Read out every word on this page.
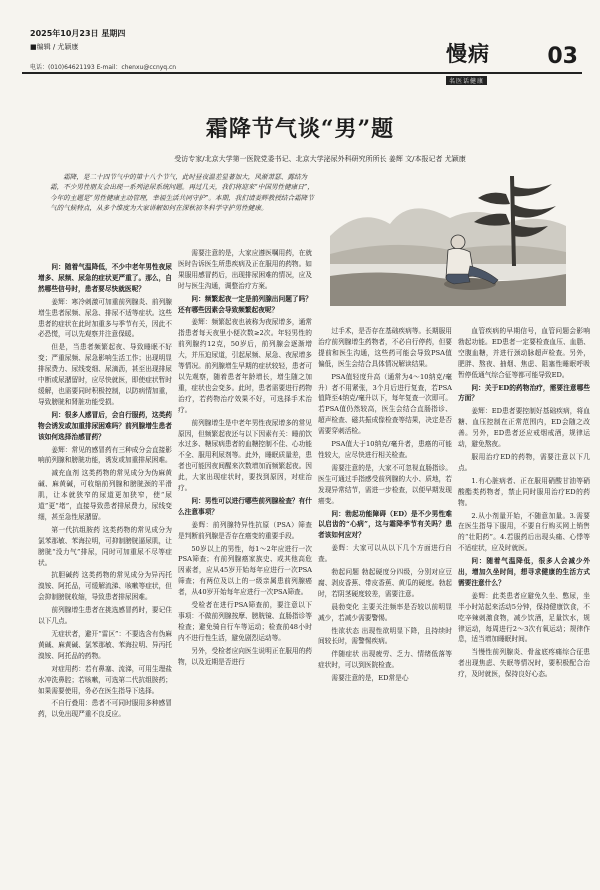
2025年10月23日 星期四
■编辑 / 尤颖康
电话：(010)64621193 E-mail：chenxu@ccnyq.cn
慢病
名医话健康
03
霜降节气谈“男”题
受访专家/北京大学第一医院党委书记、北京大学泌尿外科研究所所长 姜辉 文/本报记者 尤颖康
霜降，是二十四节气中的第十八个节气，此时昼夜温差显著加大，风渐萧瑟、露结为霜，不少男性朋友会出现一系列泌尿系统问题。再过几天，我们将迎来“中国男性健康日”，今年的主题是“男性健康主动管理，幸福生活共同守护”。本期，我们请姜辉教授结合霜降节气的气候特点，从多个维度为大家讲解如何在深秋初冬科学守护男性健康。

问：随着气温降低，不少中老年男性夜尿增多、尿频、尿急的症状更严重了。那么，自然哪些信号时，患者要尽快就医呢？

姜辉：寒冷刺激可加重前列腺炎、前列腺增生患者尿频、尿急、排尿不适等症状。这些患者的症状在此时加重多与季节有关，因此不必恐慌，可以先观察并注意保暖。

但是，当患者频繁起夜、导致睡眠不好变；严重尿频、尿急影响生活工作；出现明显排尿费力、尿线变细、尿滴沥，甚至出现排尿中断或尿潴留时，应尽快就医，即使症状暂时缓解，也需要同时积极控制，以防病情加重，导致膀胱和肾脏功能受损。

问：很多人感冒后，会自行服药，这类药物会诱发或加重排尿困难吗？前列腺增生患者该如何选择治感冒药？

姜辉：常见的感冒药有三种成分会直接影响前列腺和膀胱功能，诱发或加重排尿困难。

减充血剂 这类药物的常见成分为伪麻黄碱、麻黄碱，可收缩前列腺和膀胱颈的平滑肌，让本就狭窄的尿道更加狭窄，使“尿道”更“堵”，直接导致患者排尿费力，尿线变细，甚至急性尿潴留。

第一代抗组胺药 这类药物的常见成分为氯苯那敏、苯海拉明，可抑制膀胱逼尿肌，让膀胱“没力气”排尿，同时可加重尿不尽等症状。

抗胆碱药 这类药物的常见成分为异丙托溴铵、阿托品，可缓解流涕、咳嗽等症状，但会抑制膀胱收缩，导致患者排尿困难。

前列腺增生患者在挑选感冒药时，要记住以下几点。

无症状者，避开“雷区”：不要选含有伪麻黄碱、麻黄碱、氯苯那敏、苯海拉明、异丙托溴铵、阿托品的药物。

对症用药：若有鼻塞、流涕，可用生理盐水冲洗鼻腔；若咳嗽，可选第二代抗组胺药；如果需要使用，务必在医生指导下选择。

不自行叠用：患者不可同时服用多种感冒药，以免出现严重不良反应。

需要注意的是，大家应遵医嘱用药，在就医时告诉医生所患疾病及正在服用的药物。如果服用感冒药后，出现排尿困难的情况，应及时与医生沟通，调整治疗方案。

问：频繁起夜一定是前列腺出问题了吗？还有哪些因素会导致频繁起夜呢？

姜辉：频繁起夜也被称为夜尿增多，通常指患者每天夜里小便次数≥2次。年轻男性的前列腺约12克，50岁后，前列腺会逐渐增大，并压迫尿道，引起尿频、尿急、夜尿增多等情况。前列腺增生早期的症状较轻，患者可以先观察，随着患者年龄增长，增生随之加重，症状也会变多。此时，患者需要进行药物治疗，若药物治疗效果不好，可选择手术治疗。

前列腺增生是中老年男性夜尿增多的常见原因，但频繁起夜还与以下因素有关：睡前饮水过多、糖尿病患者的血糖控制不佳、心功能不全、服用利尿剂等。此外，睡眠质量差，患者也可能因夜间醒来次数增加而频繁起夜。因此，大家出现症状时，要找到原因，对症治疗。

问：男性可以进行哪些前列腺检查？有什么注意事项？

姜辉：前列腺特异性抗原（PSA）筛查是判断前列腺是否存在癌变的重要手段。

50岁以上的男性，每1～2年应进行一次PSA筛查；有前列腺癌家族史、或其他高危因素者，应从45岁开始每年应进行一次PSA筛查；有两位及以上的一级亲属患前列腺癌者，从40岁开始每年应进行一次PSA筛查。

受检者在进行PSA筛查前，要注意以下事项：不做前列腺按摩、膀胱镜、直肠指诊等检查；避免骑自行车等运动；检查前48小时内不进行性生活，避免剧烈运动等。

另外，受检者应向医生说明正在服用的药物，以及近期是否进行

过手术，是否存在基础疾病等。长期服用治疗前列腺增生药物者，不必自行停药，但要提前和医生沟通，这些药可能会导致PSA值偏低，医生会结合具体情况解读结果。

PSA值轻度升高（通常为4～10纳克/毫升）者不用紧张，3个月后进行复查，若PSA值降至4纳克/毫升以下，每年复查一次即可。若PSA值仍然较高，医生会结合直肠指诊、超声检查、磁共振成像检查等结果，决定是否需要穿刺活检。

PSA值大于10纳克/毫升者，患癌的可能性较大，应尽快进行相关检查。

需要注意的是，大家不可忽视直肠指诊。医生可通过手指感受前列腺的大小、质地，若发现异常结节，需进一步检查，以便早期发现癌变。

问：勃起功能障碍（ED）是不少男性难以启齿的“心病”，这与霜降季节有关吗？患者该如何应对？

姜辉：大家可以从以下几个方面进行自查。

勃起问题 勃起硬度分四级，分别对应豆腐、剥皮香蕉、带皮香蕉、黄瓜的硬度。勃起时，若阴茎硬度较差，需要注意。

晨勃变化 主要关注频率是否较以前明显减少，若减少需要警惕。

性欲状态 出现性欲明显下降，且持续时间较长时，需警惕疾病。

伴随症状 出现疲劳、乏力、情绪低落等症状时，可以到医院检查。

需要注意的是，ED常是心

血管疾病的早期信号，血管问题会影响勃起功能。ED患者一定要检查血压、血脂、空腹血糖，并进行颈动脉超声检查。另外，肥胖、熬夜、抽烟、焦虑、阻塞性睡眠呼吸暂停低通气综合征等都可能导致ED。

问：关于ED的药物治疗，需要注意哪些方面？

姜辉：ED患者要控制好基础疾病，将血糖、血压控制在正常范围内，ED会随之改善。另外，ED患者还应戒烟戒酒，规律运动，避免熬夜。

服用治疗ED的药物，需要注意以下几点。

1.有心脏病者、正在服用硝酸甘油等硝酸酯类药物者，禁止同时服用治疗ED的药物。

2.从小剂量开始，不随意加量。3.需要在医生指导下服用，不要自行购买网上销售的“壮阳药”。4.若服药后出现头痛、心悸等不适症状，应及时就医。

问：随着气温降低，很多人会减少外出，增加久坐时间，想寻求健康的生活方式需要注意什么？

姜辉：此类患者应避免久坐、憋尿，坐半小时站起来活动5分钟，保持健康饮食，不吃辛辣刺激食物，减少饮酒，足量饮水，规律运动，每周进行2～3次有氧运动；规律作息，适当增加睡眠时间。

当慢性前列腺炎、骨盆底疼痛综合征患者出现焦虑、失眠等情况时，要积极配合治疗，及时就医，保持良好心态。
